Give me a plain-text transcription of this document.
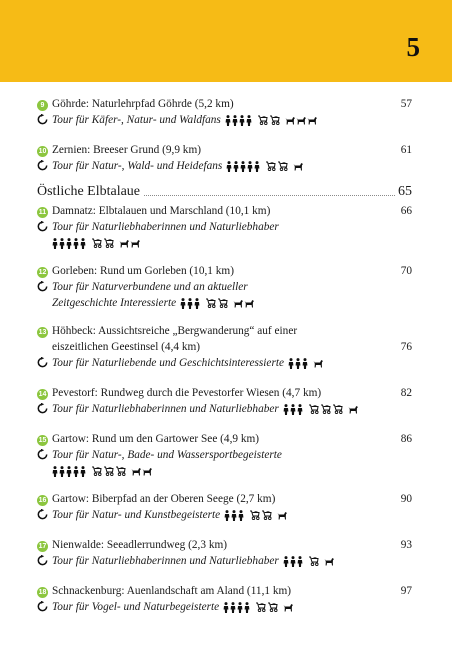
5
9 Göhrde: Naturlehrpfad Göhrde (5,2 km)	57
Tour für Käfer-, Natur- und Waldfans
10 Zernien: Breeser Grund (9,9 km)	61
Tour für Natur-, Wald- und Heidefans
Östliche Elbtalaue	65
11 Damnatz: Elbtalauen und Marschland (10,1 km)	66
Tour für Naturliebhaberinnen und Naturliebhaber
12 Gorleben: Rund um Gorleben (10,1 km)	70
Tour für Naturverbundene und an aktueller
Zeitgeschichte Interessierte
13 Höhbeck: Aussichtsreiche „Bergwanderung“ auf einer
eiszeitlichen Geestinsel (4,4 km)	76
Tour für Naturliebende und Geschichtsinteressierte
14 Pevestorf: Rundweg durch die Pevestorfer Wiesen (4,7 km)	82
Tour für Naturliebhaberinnen und Naturliebhaber
15 Gartow: Rund um den Gartower See (4,9 km)	86
Tour für Natur-, Bade- und Wassersportbegeisterte
16 Gartow: Biberpfad an der Oberen Seege (2,7 km)	90
Tour für Natur- und Kunstbegeisterte
17 Nienwalde: Seeadlerrundweg (2,3 km)	93
Tour für Naturliebhaberinnen und Naturliebhaber
18 Schnackenburg: Auenlandschaft am Aland (11,1 km)	97
Tour für Vogel- und Naturbegeisterte
